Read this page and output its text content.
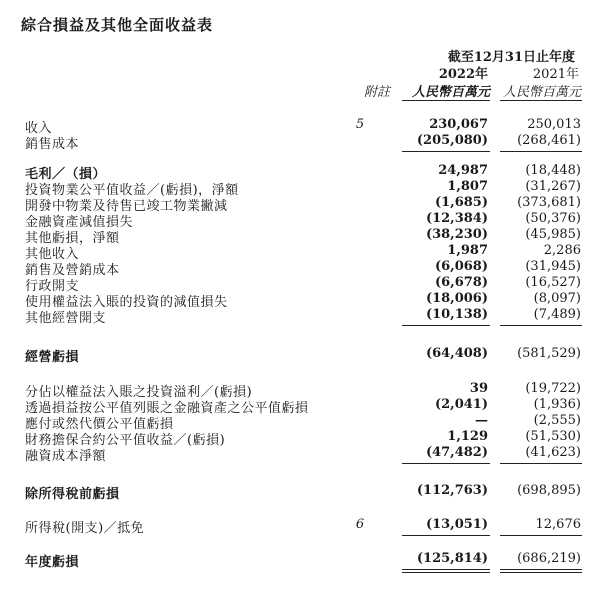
綜合損益及其他全面收益表
截至12月31日止年度
2022年	2021年
附註	人民幣百萬元 人民幣百萬元
收入	5	230,067	250,013
銷售成本	(205,080) (268,461)
毛利／（損）	24,987	(18,448)
投資物業公平值收益／(虧損)，淨額	1,807	(31,267)
開發中物業及待售已竣工物業撇減	(1,685) (373,681)
金融資產減值損失	(12,384)	(50,376)
其他虧損，淨額	(38,230)	(45,985)
其他收入	1,987	2,286
銷售及營銷成本	(6,068)	(31,945)
行政開支	(6,678)	(16,527)
使用權益法入賬的投資的減值損失	(18,006)	(8,097)
其他經營開支	(10,138)	(7,489)
經營虧損	(64,408) (581,529)
分佔以權益法入賬之投資溢利／(虧損)	39	(19,722)
透過損益按公平值列賬之金融資產之公平值虧損	(2,041)	(1,936)
應付或然代價公平值虧損	—	(2,555)
財務擔保合約公平值收益／(虧損)	1,129	(51,530)
融資成本淨額	(47,482)	(41,623)
除所得稅前虧損	(112,763) (698,895)
所得稅(開支)／抵免	6	(13,051)	12,676
年度虧損	(125,814) (686,219)
